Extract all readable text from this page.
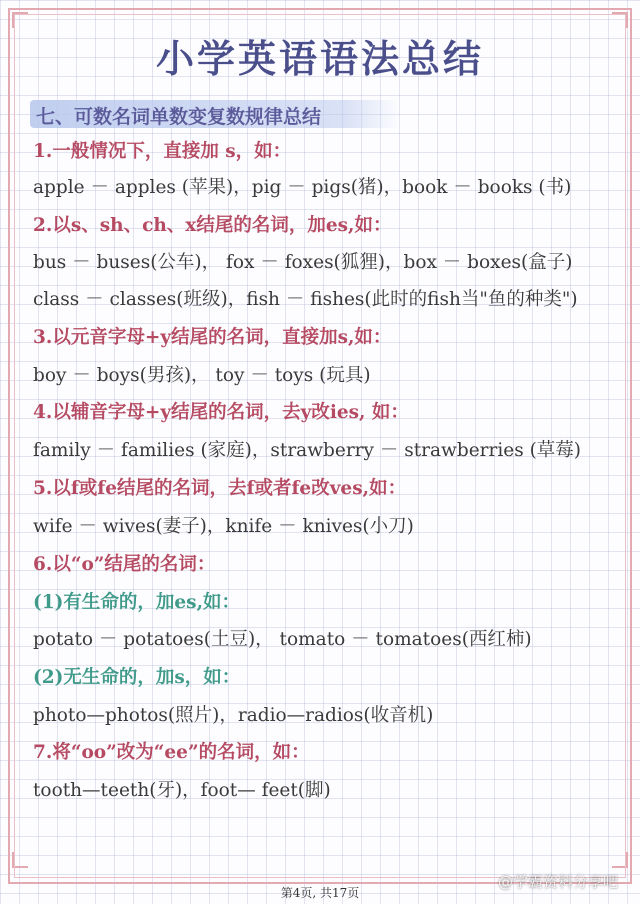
小学英语语法总结
七、可数名词单数变复数规律总结
1.一般情况下，直接加 s，如：
apple － apples (苹果)，pig － pigs(猪)，book － books (书)
2.以s、sh、ch、x结尾的名词，加es,如：
bus － buses(公车)， fox － foxes(狐狸)，box － boxes(盒子)
class － classes(班级)，fish － fishes(此时的fish当"鱼的种类")
3.以元音字母+y结尾的名词，直接加s,如：
boy － boys(男孩)， toy － toys (玩具)
4.以辅音字母+y结尾的名词，去y改ies, 如：
family － families (家庭)，strawberry － strawberries (草莓)
5.以f或fe结尾的名词，去f或者fe改ves,如：
wife － wives(妻子)，knife － knives(小刀)
6.以“o”结尾的名词：
(1)有生命的，加es,如：
potato － potatoes(土豆)， tomato － tomatoes(西红柿)
(2)无生命的，加s，如：
photo—photos(照片)，radio—radios(收音机)
7.将“oo”改为“ee”的名词，如：
tooth—teeth(牙)，foot— feet(脚)
第4页, 共17页
@学霸资料分享吧
